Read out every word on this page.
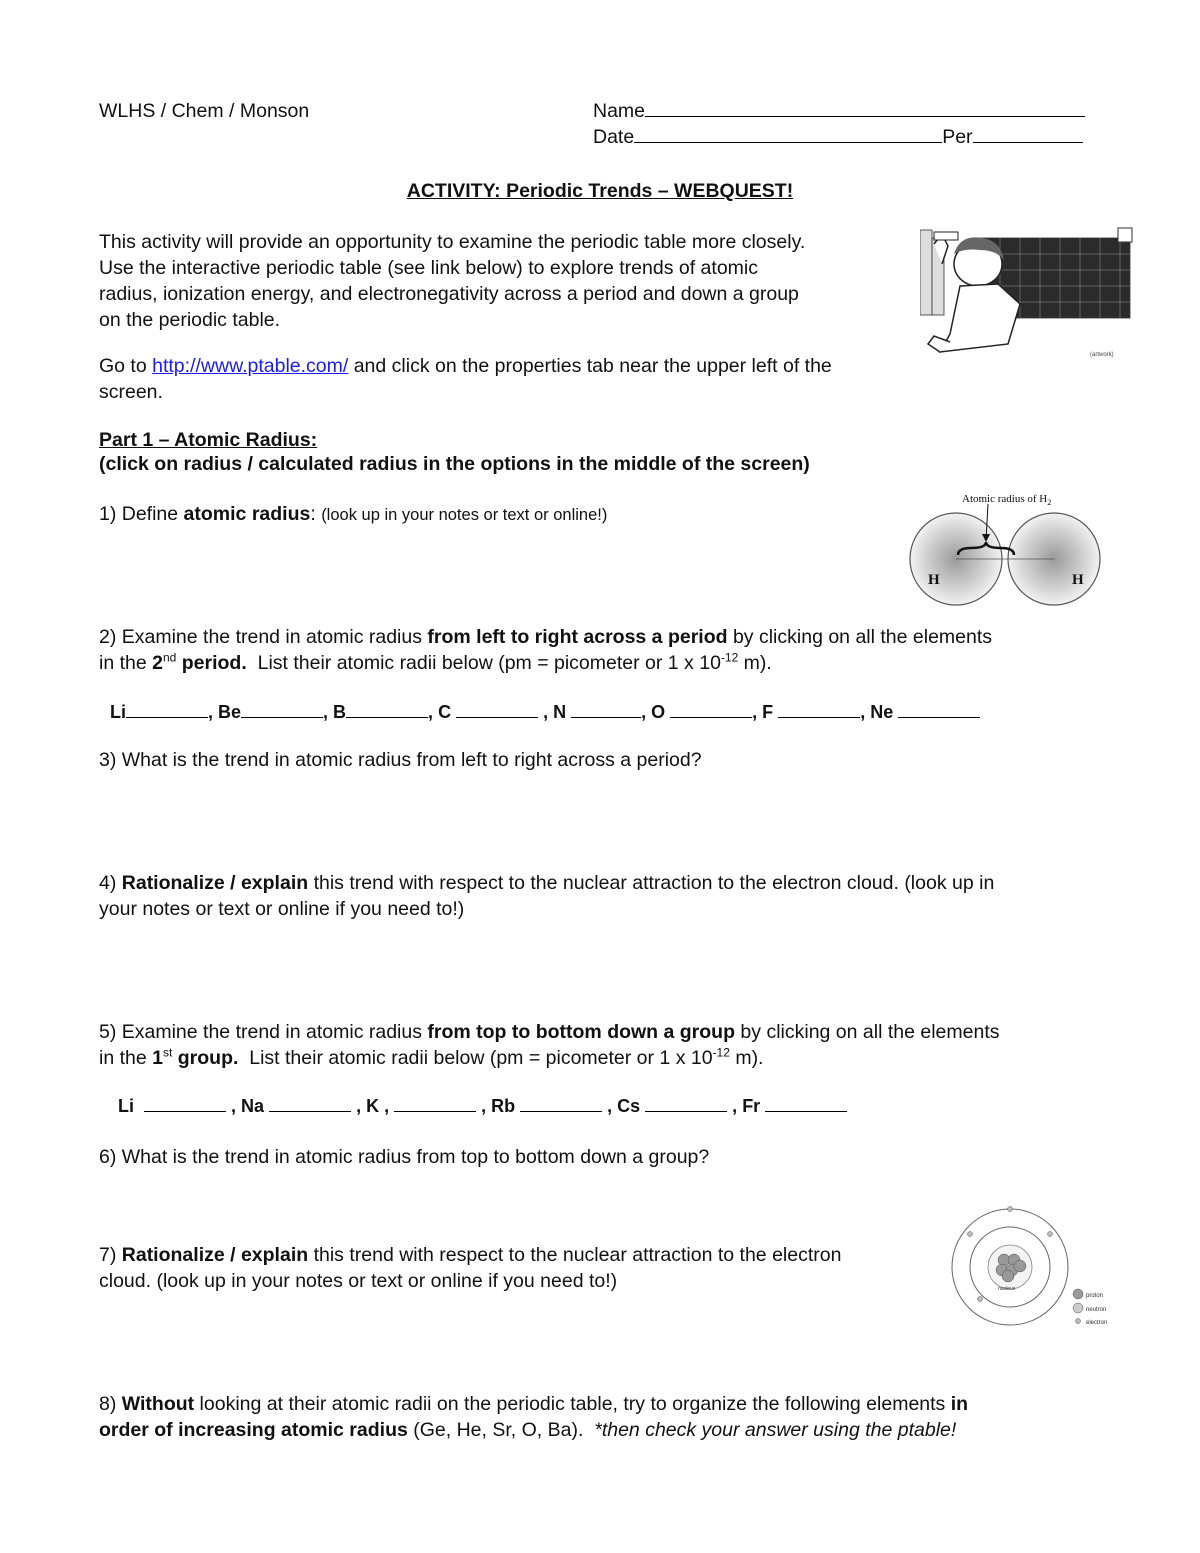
WLHS / Chem / Monson	Name
Date	Per
ACTIVITY: Periodic Trends – WEBQUEST!
This activity will provide an opportunity to examine the periodic table more closely.
Use the interactive periodic table (see link below) to explore trends of atomic
radius, ionization energy, and electronegativity across a period and down a group
on the periodic table.
Go to http://www.ptable.com/ and click on the properties tab near the upper left of the
screen.
(artwork)
Part 1 – Atomic Radius:
(click on radius / calculated radius in the options in the middle of the screen)
1) Define atomic radius: (look up in your notes or text or online!)
Atomic radius of $H_2$
H	H
2) Examine the trend in atomic radius from left to right across a period by clicking on all the elements
in the 2nd period.  List their atomic radii below (pm = picometer or 1 x $10^{-12}$ m).
Li	, Be	, B	, C	, N	, O	, F	, Ne
3) What is the trend in atomic radius from left to right across a period?
4) Rationalize / explain this trend with respect to the nuclear attraction to the electron cloud. (look up in
your notes or text or online if you need to!)
5) Examine the trend in atomic radius from top to bottom down a group by clicking on all the elements
in the 1st group.  List their atomic radii below (pm = picometer or 1 x $10^{-12}$ m).
Li	, Na	, K ,	, Rb	, Cs	, Fr
6) What is the trend in atomic radius from top to bottom down a group?
7) Rationalize / explain this trend with respect to the nuclear attraction to the electron
cloud. (look up in your notes or text or online if you need to!)	nucleus
proton
neutron
electron
8) Without looking at their atomic radii on the periodic table, try to organize the following elements in
order of increasing atomic radius (Ge, He, Sr, O, Ba).  *then check your answer using the ptable!
